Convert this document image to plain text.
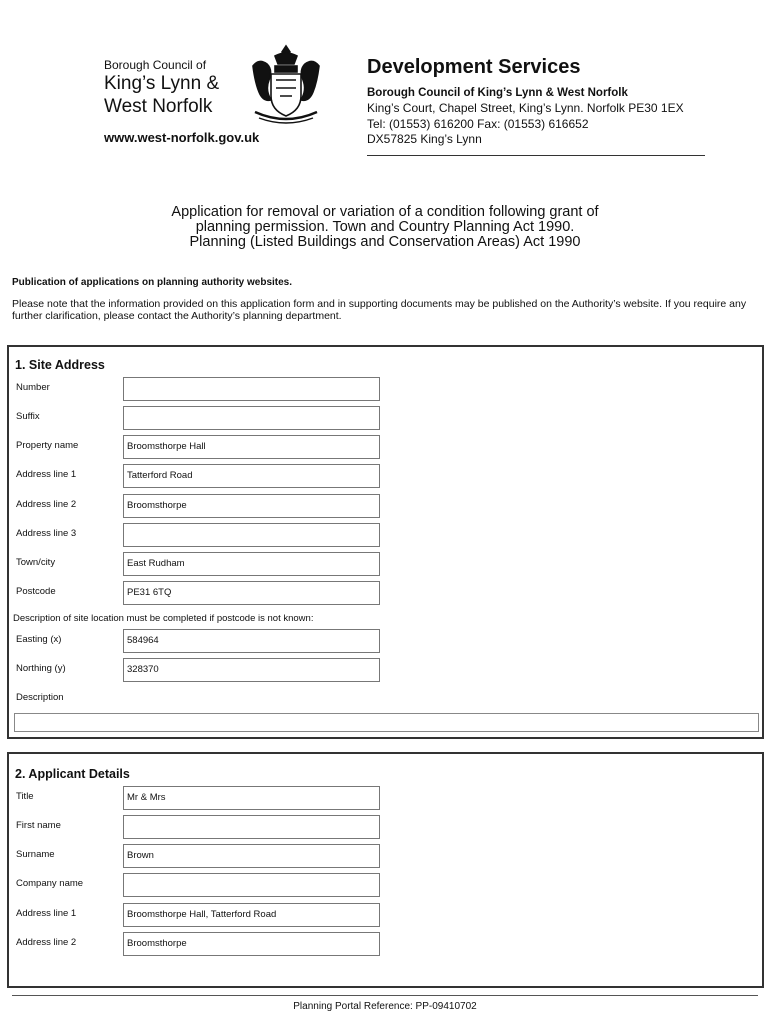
Borough Council of
King’s Lynn &
West Norfolk
www.west-norfolk.gov.uk
Development Services
Borough Council of King’s Lynn & West Norfolk
King’s Court, Chapel Street, King’s Lynn. Norfolk PE30 1EX
Tel: (01553) 616200 Fax: (01553) 616652
DX57825 King’s Lynn
Application for removal or variation of a condition following grant of
planning permission. Town and Country Planning Act 1990.
Planning (Listed Buildings and Conservation Areas) Act 1990
Publication of applications on planning authority websites.
Please note that the information provided on this application form and in supporting documents may be published on the Authority’s website. If you require any further clarification, please contact the Authority’s planning department.
1. Site Address
Number
Suffix
Property name	Broomsthorpe Hall
Address line 1	Tatterford Road
Address line 2	Broomsthorpe
Address line 3
Town/city	East Rudham
Postcode	PE31 6TQ
Description of site location must be completed if postcode is not known:
Easting (x)	584964
Northing (y)	328370
Description
2. Applicant Details
Title	Mr & Mrs
First name
Surname	Brown
Company name
Address line 1	Broomsthorpe Hall, Tatterford Road
Address line 2	Broomsthorpe
Planning Portal Reference: PP-09410702
